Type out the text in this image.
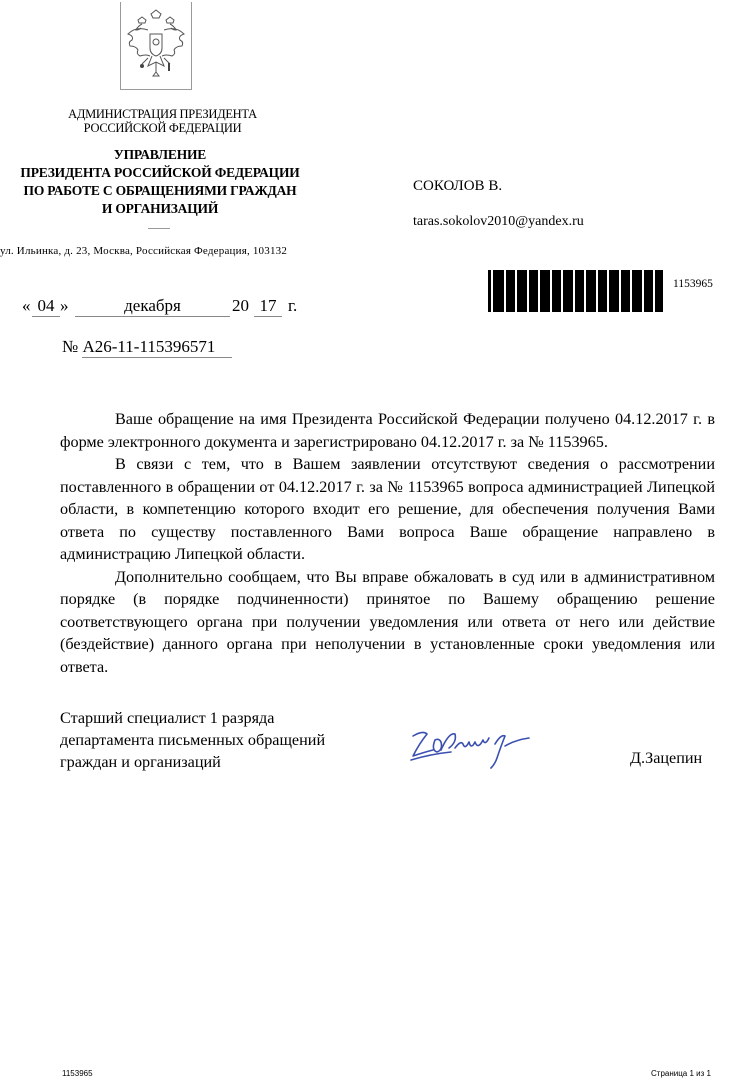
АДМИНИСТРАЦИЯ ПРЕЗИДЕНТА
РОССИЙСКОЙ ФЕДЕРАЦИИ
УПРАВЛЕНИЕ
ПРЕЗИДЕНТА РОССИЙСКОЙ ФЕДЕРАЦИИ
ПО РАБОТЕ С ОБРАЩЕНИЯМИ ГРАЖДАН
И ОРГАНИЗАЦИЙ
ул. Ильинка, д. 23, Москва, Российская Федерация, 103132
СОКОЛОВ В.
taras.sokolov2010@yandex.ru
1153965
« 04 »	декабря	20 17 г.
№ А26-11-115396571

Ваше обращение на имя Президента Российской Федерации получено 04.12.2017 г. в форме электронного документа и зарегистрировано 04.12.2017 г. за № 1153965.

В связи с тем, что в Вашем заявлении отсутствуют сведения о рассмотрении поставленного в обращении от 04.12.2017 г. за № 1153965 вопроса администрацией Липецкой области, в компетенцию которого входит его решение, для обеспечения получения Вами ответа по существу поставленного Вами вопроса Ваше обращение направлено в администрацию Липецкой области.

Дополнительно сообщаем, что Вы вправе обжаловать в суд или в административном порядке (в порядке подчиненности) принятое по Вашему обращению решение соответствующего органа при получении уведомления или ответа от него или действие (бездействие) данного органа при неполучении в установленные сроки уведомления или ответа.

Старший специалист 1 разряда
департамента письменных обращений
граждан и организаций	Д.Зацепин
1153965	Страница 1 из 1
